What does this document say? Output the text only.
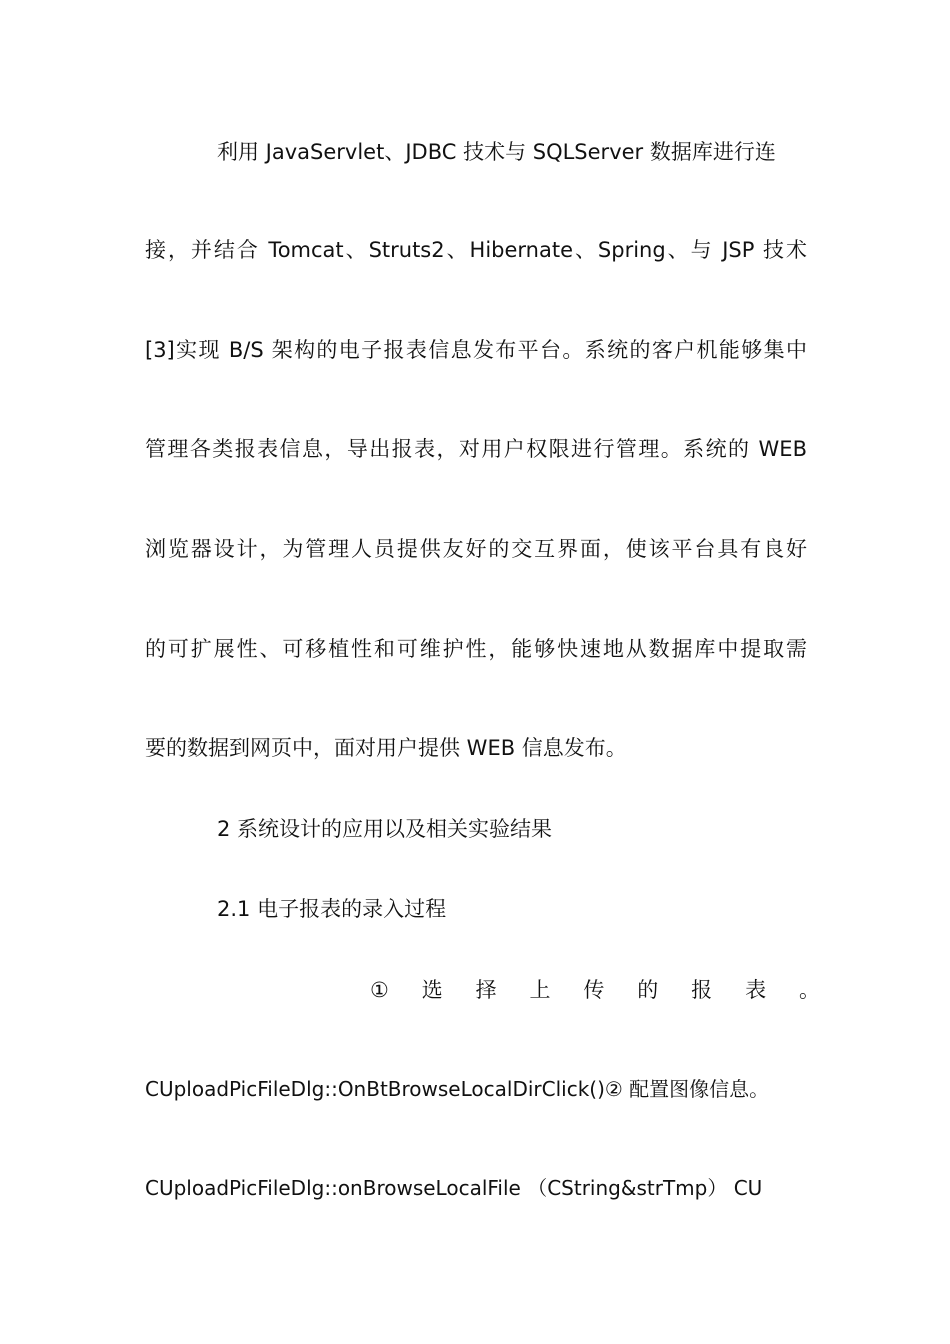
利用 JavaServlet、JDBC 技术与 SQLServer 数据库进行连
接，并结合 Tomcat、Struts2、Hibernate、Spring、与 JSP 技术
[3]实现 B/S 架构的电子报表信息发布平台。系统的客户机能够集中
管理各类报表信息，导出报表，对用户权限进行管理。系统的 WEB
浏览器设计，为管理人员提供友好的交互界面，使该平台具有良好
的可扩展性、可移植性和可维护性，能够快速地从数据库中提取需
要的数据到网页中，面对用户提供 WEB 信息发布。
2 系统设计的应用以及相关实验结果
2.1 电子报表的录入过程
① 选 择 上 传 的 报 表 。
CUploadPicFileDlg::OnBtBrowseLocalDirClick()② 配置图像信息。
CUploadPicFileDlg::onBrowseLocalFile （CString&strTmp） CU
